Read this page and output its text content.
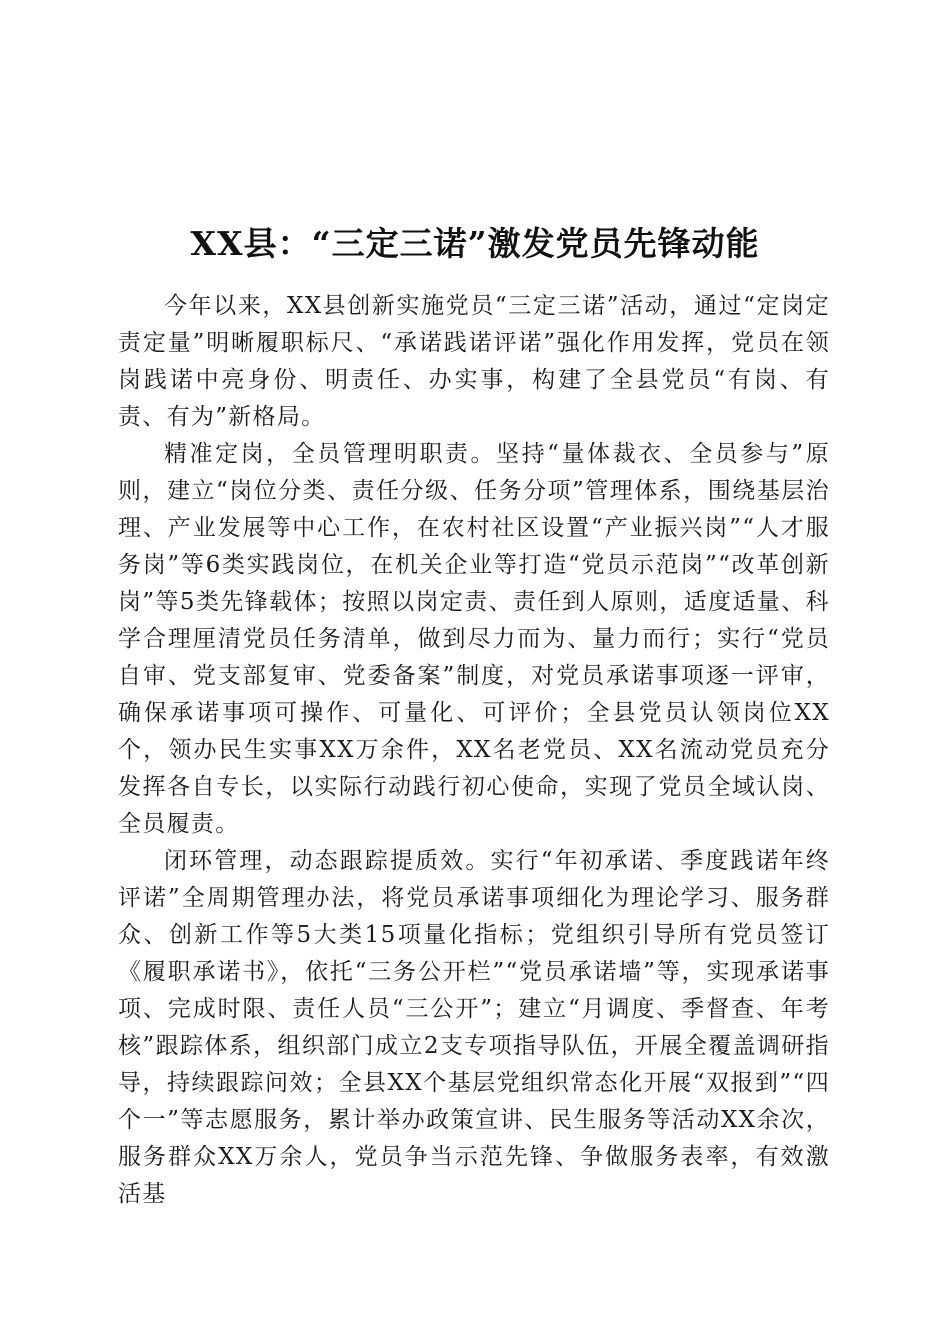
XX县：“三定三诺”激发党员先锋动能

今年以来，XX县创新实施党员“三定三诺”活动，通过“定岗定责定量”明晰履职标尺、“承诺践诺评诺”强化作用发挥，党员在领岗践诺中亮身份、明责任、办实事，构建了全县党员“有岗、有责、有为”新格局。

精准定岗，全员管理明职责。坚持“量体裁衣、全员参与”原则，建立“岗位分类、责任分级、任务分项”管理体系，围绕基层治理、产业发展等中心工作，在农村社区设置“产业振兴岗”“人才服务岗”等6类实践岗位，在机关企业等打造“党员示范岗”“改革创新岗”等5类先锋载体；按照以岗定责、责任到人原则，适度适量、科学合理厘清党员任务清单，做到尽力而为、量力而行；实行“党员自审、党支部复审、党委备案”制度，对党员承诺事项逐一评审，确保承诺事项可操作、可量化、可评价；全县党员认领岗位XX个，领办民生实事XX万余件，XX名老党员、XX名流动党员充分发挥各自专长，以实际行动践行初心使命，实现了党员全域认岗、全员履责。

闭环管理，动态跟踪提质效。实行“年初承诺、季度践诺年终评诺”全周期管理办法，将党员承诺事项细化为理论学习、服务群众、创新工作等5大类15项量化指标；党组织引导所有党员签订《履职承诺书》，依托“三务公开栏”“党员承诺墙”等，实现承诺事项、完成时限、责任人员“三公开”；建立“月调度、季督查、年考核”跟踪体系，组织部门成立2支专项指导队伍，开展全覆盖调研指导，持续跟踪问效；全县XX个基层党组织常态化开展“双报到”“四个一”等志愿服务，累计举办政策宣讲、民生服务等活动XX余次，服务群众XX万余人，党员争当示范先锋、争做服务表率，有效激活基
